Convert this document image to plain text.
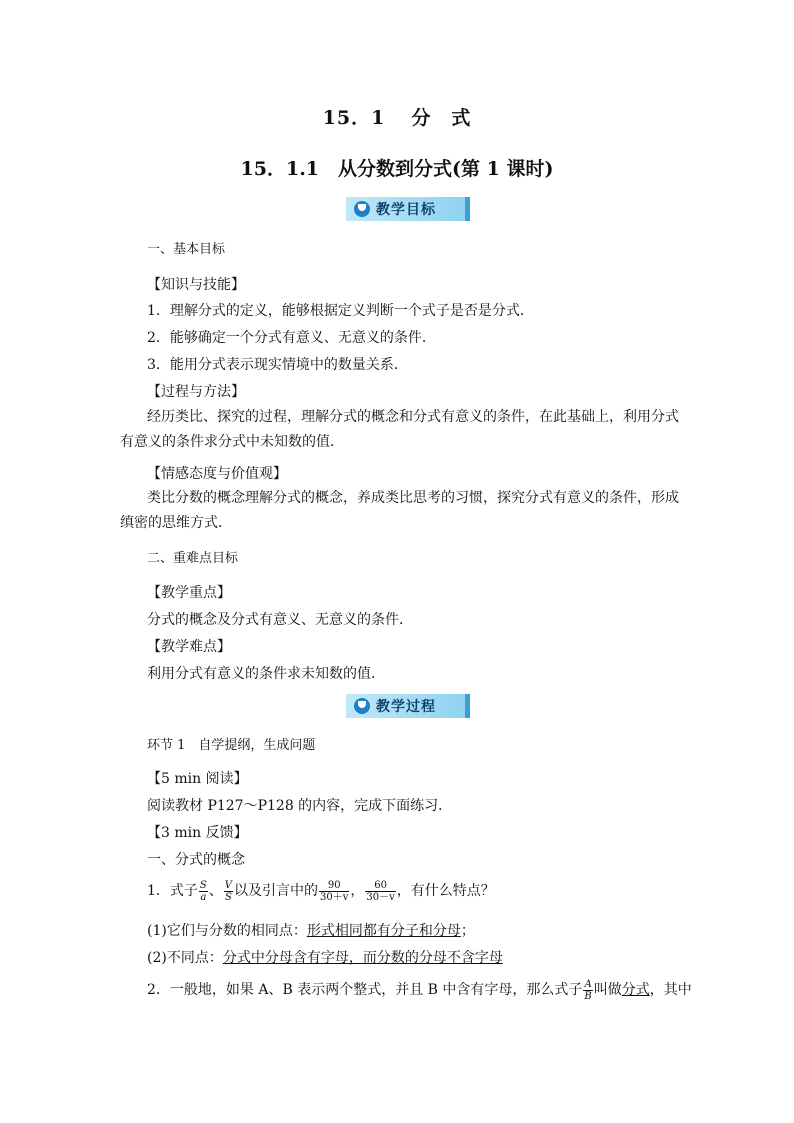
15．1 分　式
15．1.1　从分数到分式(第 1 课时)
教学目标
一、基本目标
【知识与技能】
1．理解分式的定义，能够根据定义判断一个式子是否是分式．
2．能够确定一个分式有意义、无意义的条件．
3．能用分式表示现实情境中的数量关系．
【过程与方法】
经历类比、探究的过程，理解分式的概念和分式有意义的条件，在此基础上，利用分式有意义的条件求分式中未知数的值．
【情感态度与价值观】
类比分数的概念理解分式的概念，养成类比思考的习惯，探究分式有意义的条件，形成缜密的思维方式．
二、重难点目标
【教学重点】
分式的概念及分式有意义、无意义的条件．
【教学难点】
利用分式有意义的条件求未知数的值．
教学过程
环节 1　自学提纲，生成问题
【5 min 阅读】
阅读教材 P127～P128 的内容，完成下面练习．
【3 min 反馈】
一、分式的概念
1．式子 $\frac{S}{a}$ 、 $\frac{V}{S}$ 以及引言中的 $\frac{90}{30+v}$ ， $\frac{60}{30-v}$ ，有什么特点？
(1)它们与分数的相同点：形式相同都有分子和分母；
(2)不同点：分式中分母含有字母，而分数的分母不含字母
2．一般地，如果 A、B 表示两个整式，并且 B 中含有字母，那么式子 $\frac{A}{B}$ 叫做分式，其中
